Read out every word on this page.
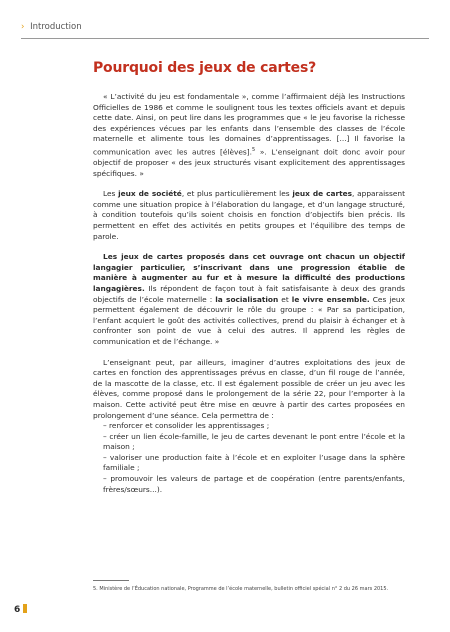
› Introduction
Pourquoi des jeux de cartes?

« L’activité du jeu est fondamentale », comme l’affirmaient déjà les Instructions Officielles de 1986 et comme le soulignent tous les textes officiels avant et depuis cette date. Ainsi, on peut lire dans les programmes que « le jeu favorise la richesse des expériences vécues par les enfants dans l’ensemble des classes de l’école maternelle et alimente tous les domaines d’apprentissages. [...] Il favorise la communication avec les autres [élèves].$^5$ ». L’enseignant doit donc avoir pour objectif de proposer « des jeux structurés visant explicitement des apprentissages spécifiques. »

Les jeux de société, et plus particulièrement les jeux de cartes, apparaissent comme une situation propice à l’élaboration du langage, et d’un langage structuré, à condition toutefois qu’ils soient choisis en fonction d’objectifs bien précis. Ils permettent en effet des activités en petits groupes et l’équilibre des temps de parole.

Les jeux de cartes proposés dans cet ouvrage ont chacun un objectif langagier particulier, s’inscrivant dans une progression établie de manière à augmenter au fur et à mesure la difficulté des productions langagières. Ils répondent de façon tout à fait satisfaisante à deux des grands objectifs de l’école maternelle : la socialisation et le vivre ensemble. Ces jeux permettent également de découvrir le rôle du groupe : « Par sa participation, l’enfant acquiert le goût des activités collectives, prend du plaisir à échanger et à confronter son point de vue à celui des autres. Il apprend les règles de communication et de l’échange. »

L’enseignant peut, par ailleurs, imaginer d’autres exploitations des jeux de cartes en fonction des apprentissages prévus en classe, d’un fil rouge de l’année, de la mascotte de la classe, etc. Il est également possible de créer un jeu avec les élèves, comme proposé dans le prolongement de la série 22, pour l’emporter à la maison. Cette activité peut être mise en œuvre à partir des cartes proposées en prolongement d’une séance. Cela permettra de :
– renforcer et consolider les apprentissages ;
– créer un lien école-famille, le jeu de cartes devenant le pont entre l’école et la maison ;
– valoriser une production faite à l’école et en exploiter l’usage dans la sphère familiale ;
– promouvoir les valeurs de partage et de coopération (entre parents/enfants, frères/sœurs...).

5. Ministère de l’Éducation nationale, Programme de l’école maternelle, bulletin officiel spécial n° 2 du 26 mars 2015.
6
